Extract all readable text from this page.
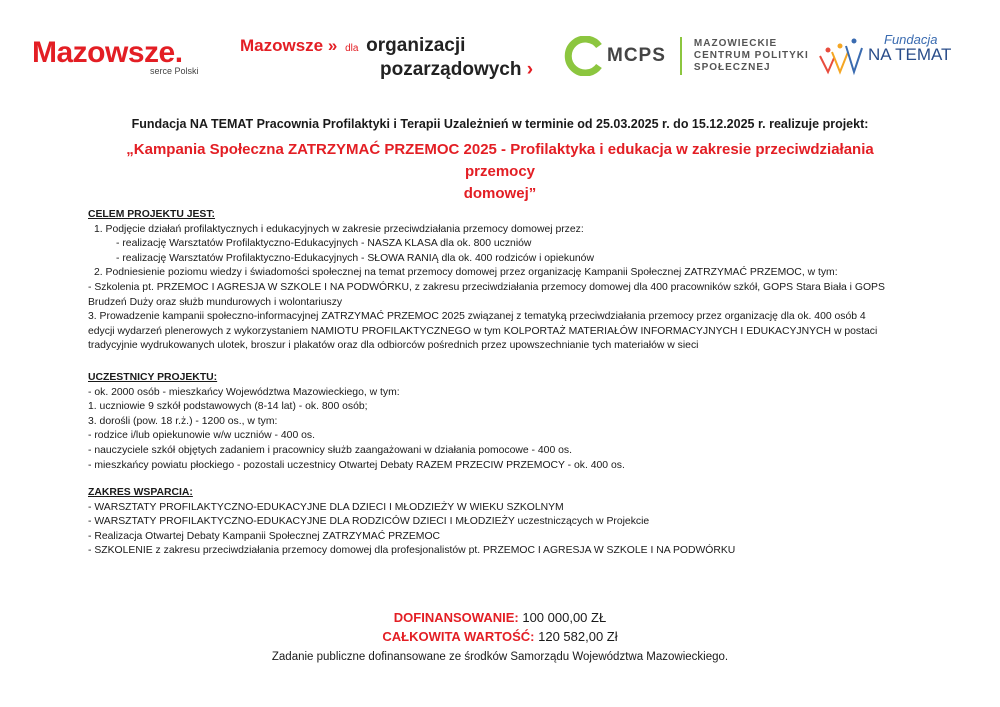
Mazowsze.
serce Polski
Mazowsze » dla organizacji
pozarządowych ›
MCPS
MAZOWIECKIE
CENTRUM POLITYKI
SPOŁECZNEJ
Fundacja
NA TEMAT
Fundacja NA TEMAT Pracownia Profilaktyki i Terapii Uzależnień w terminie od 25.03.2025 r. do 15.12.2025 r. realizuje projekt:
„Kampania Społeczna ZATRZYMAĆ PRZEMOC 2025 - Profilaktyka i edukacja w zakresie przeciwdziałania przemocy
domowej”
CELEM PROJEKTU JEST:
1. Podjęcie działań profilaktycznych i edukacyjnych w zakresie przeciwdziałania przemocy domowej przez:
- realizację Warsztatów Profilaktyczno-Edukacyjnych - NASZA KLASA dla ok. 800 uczniów
- realizację Warsztatów Profilaktyczno-Edukacyjnych - SŁOWA RANIĄ dla ok. 400 rodziców i opiekunów
2. Podniesienie poziomu wiedzy i świadomości społecznej na temat przemocy domowej przez organizację Kampanii Społecznej ZATRZYMAĆ PRZEMOC, w tym:
- Szkolenia pt. PRZEMOC I AGRESJA W SZKOLE I NA PODWÓRKU, z zakresu przeciwdziałania przemocy domowej dla 400 pracowników szkół, GOPS Stara Biała i GOPS
Brudzeń Duży oraz służb mundurowych i wolontariuszy
3. Prowadzenie kampanii społeczno-informacyjnej ZATRZYMAĆ PRZEMOC 2025 związanej z tematyką przeciwdziałania przemocy przez organizację dla ok. 400 osób 4
edycji wydarzeń plenerowych z wykorzystaniem NAMIOTU PROFILAKTYCZNEGO w tym KOLPORTAŻ MATERIAŁÓW INFORMACYJNYCH I EDUKACYJNYCH w postaci
tradycyjnie wydrukowanych ulotek, broszur i plakatów oraz dla odbiorców pośrednich przez upowszechnianie tych materiałów w sieci
UCZESTNICY PROJEKTU:
- ok. 2000 osób - mieszkańcy Województwa Mazowieckiego, w tym:
1. uczniowie 9 szkół podstawowych (8-14 lat) - ok. 800 osób;
3. dorośli (pow. 18 r.ż.) - 1200 os., w tym:
- rodzice i/lub opiekunowie w/w uczniów - 400 os.
- nauczyciele szkół objętych zadaniem i pracownicy służb zaangażowani w działania pomocowe - 400 os.
- mieszkańcy powiatu płockiego - pozostali uczestnicy Otwartej Debaty RAZEM PRZECIW PRZEMOCY - ok. 400 os.
ZAKRES WSPARCIA:
- WARSZTATY PROFILAKTYCZNO-EDUKACYJNE DLA DZIECI I MŁODZIEŻY W WIEKU SZKOLNYM
- WARSZTATY PROFILAKTYCZNO-EDUKACYJNE DLA RODZICÓW DZIECI I MŁODZIEŻY uczestniczących w Projekcie
- Realizacja Otwartej Debaty Kampanii Społecznej ZATRZYMAĆ PRZEMOC
- SZKOLENIE z zakresu przeciwdziałania przemocy domowej dla profesjonalistów pt. PRZEMOC I AGRESJA W SZKOLE I NA PODWÓRKU
DOFINANSOWANIE: 100 000,00 ZŁ
CAŁKOWITA WARTOŚĆ: 120 582,00 Zł
Zadanie publiczne dofinansowane ze środków Samorządu Województwa Mazowieckiego.
